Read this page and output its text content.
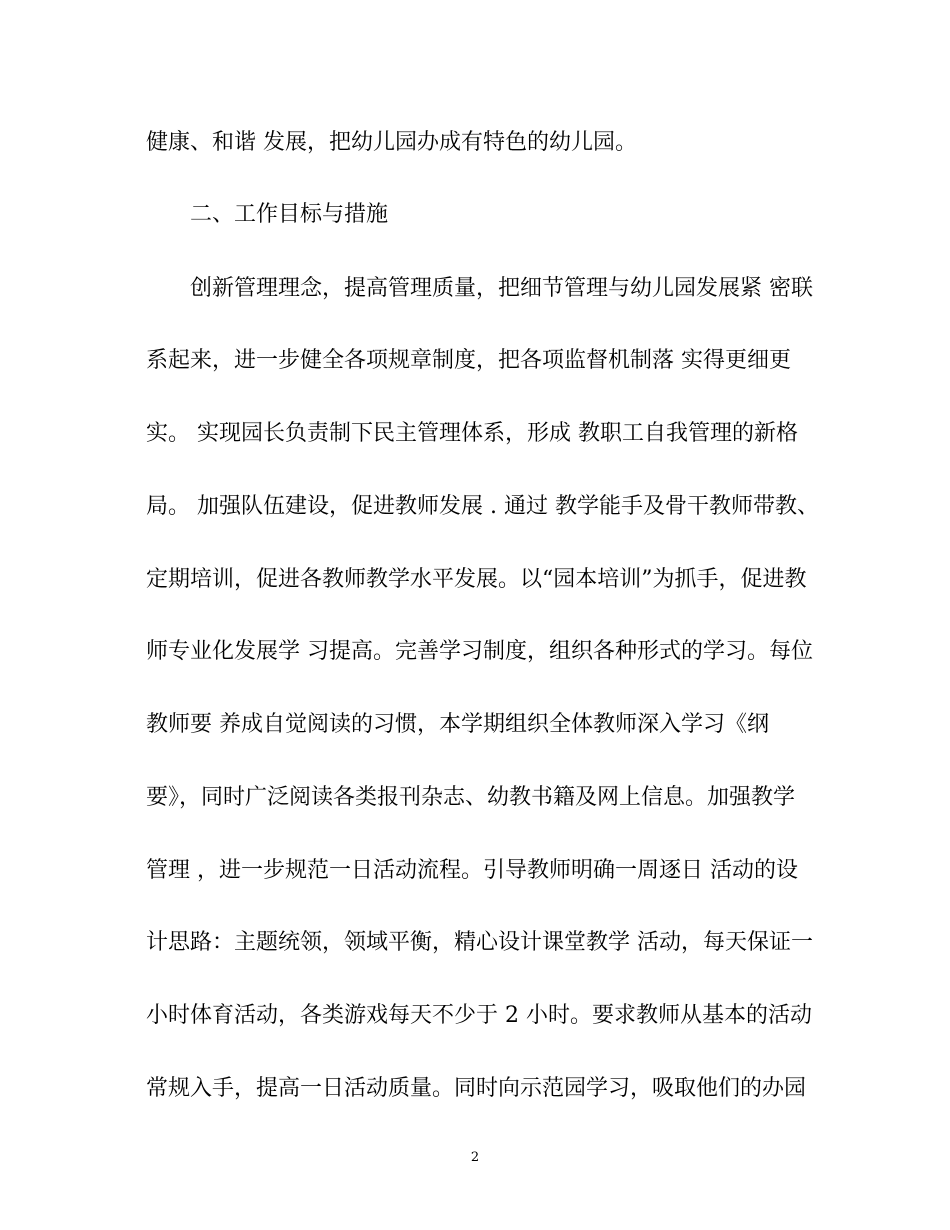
健康、和谐 发展，把幼儿园办成有特色的幼儿园。
二、工作目标与措施
创新管理理念，提高管理质量，把细节管理与幼儿园发展紧 密联
系起来，进一步健全各项规章制度，把各项监督机制落 实得更细更
实。 实现园长负责制下民主管理体系，形成 教职工自我管理的新格
局。 加强队伍建设，促进教师发展 . 通过 教学能手及骨干教师带教、
定期培训，促进各教师教学水平发展。以“园本培训”为抓手，促进教
师专业化发展学 习提高。完善学习制度，组织各种形式的学习。每位
教师要 养成自觉阅读的习惯，本学期组织全体教师深入学习《纲
要》，同时广泛阅读各类报刊杂志、幼教书籍及网上信息。加强教学
管理 ，进一步规范一日活动流程。引导教师明确一周逐日 活动的设
计思路：主题统领，领域平衡，精心设计课堂教学 活动，每天保证一
小时体育活动，各类游戏每天不少于 2 小时。要求教师从基本的活动
常规入手，提高一日活动质量。同时向示范园学习，吸取他们的办园
2
